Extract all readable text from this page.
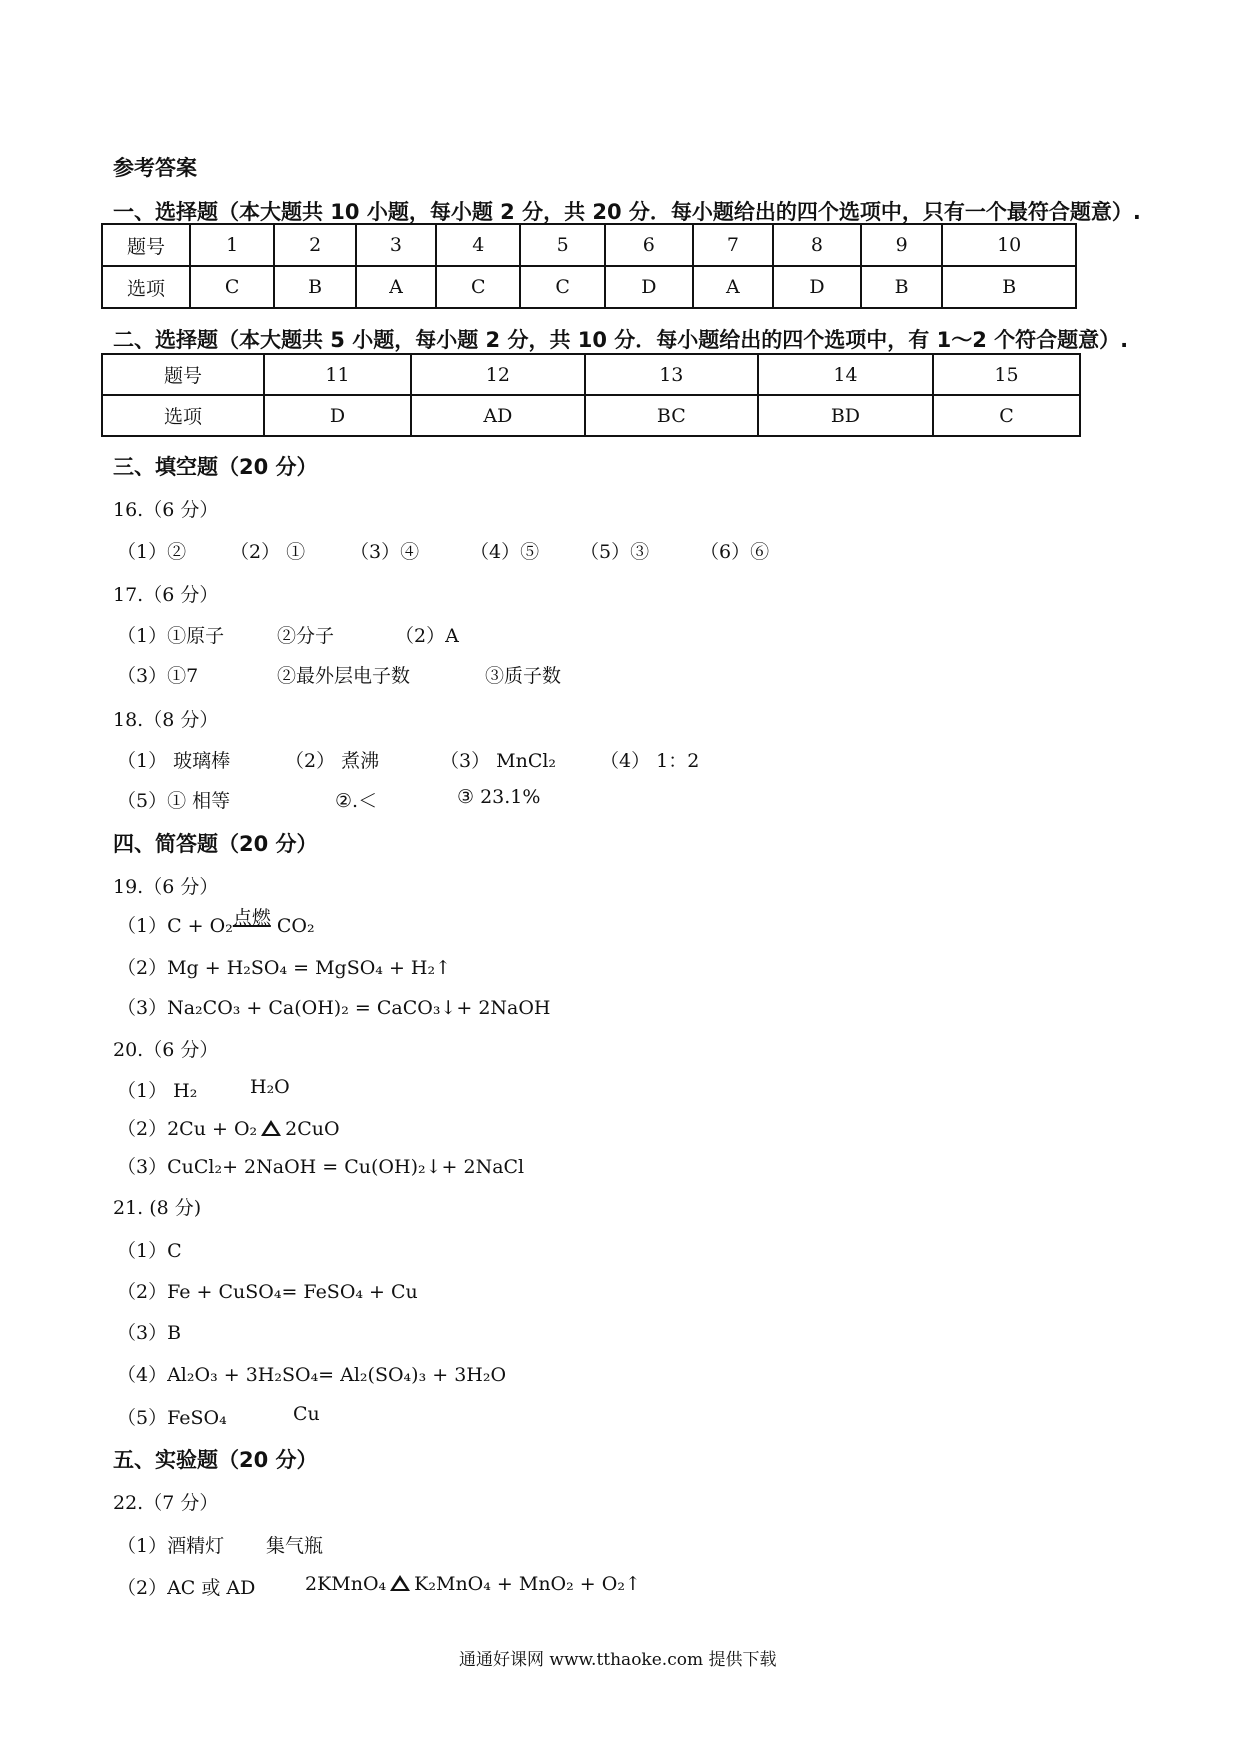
参考答案
一、选择题（本大题共 10 小题，每小题 2 分，共 20 分．每小题给出的四个选项中，只有一个最符合题意）.
题号	1	2	3	4	5	6	7	8	9	10
选项	C	B	A	C	C	D	A	D	B	B
二、选择题（本大题共 5 小题，每小题 2 分，共 10 分．每小题给出的四个选项中，有 1～2 个符合题意）.
题号	11	12	13	14	15
选项	D	AD	BC	BD	C
三、填空题（20 分）
16.（6 分）
（1）② （2） ① （3）④	（4）⑤ （5）③	（6）⑥
17.（6 分）
（1）①原子	②分子	（2）A
（3）①7	②最外层电子数	③质子数
18.（8 分）
（1） 玻璃棒	（2） 煮沸	（3） MnCl₂ （4） 1：2
（5）① 相等	②.＜	③ 23.1%
四、简答题（20 分）
19.（6 分）
（1）C + O₂点燃 CO₂
（2）Mg + H₂SO₄ = MgSO₄ + H₂↑
（3）Na₂CO₃ + Ca(OH)₂ = CaCO₃↓+ 2NaOH
20.（6 分）
（1） H₂	H₂O
（2）2Cu + O₂ 2CuO
（3）CuCl₂+ 2NaOH = Cu(OH)₂↓+ 2NaCl
21. (8 分)
（1）C
（2）Fe + CuSO₄= FeSO₄ + Cu
（3）B
（4）Al₂O₃ + 3H₂SO₄= Al₂(SO₄)₃ + 3H₂O
（5）FeSO₄	Cu
五、实验题（20 分）
22.（7 分）
（1）酒精灯 集气瓶
（2）AC 或 AD	2KMnO₄ K₂MnO₄ + MnO₂ + O₂↑
通通好课网 www.tthaoke.com 提供下载
